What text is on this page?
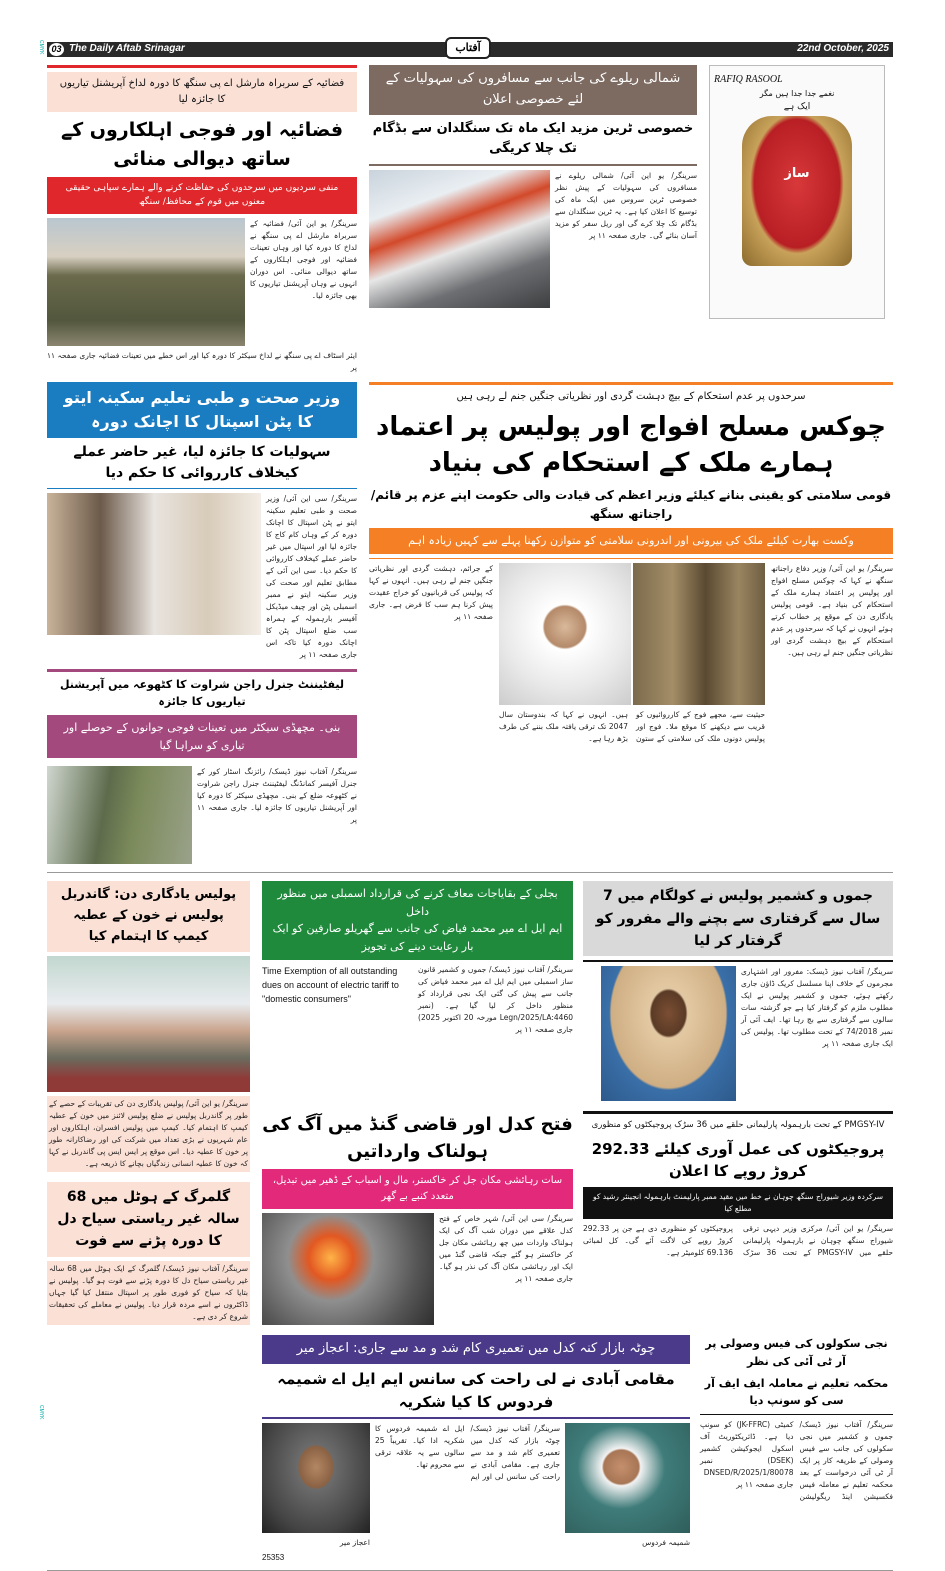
CMYK
CMYK
03 The Daily Aftab Srinagar	آفتاب	22nd October, 2025
فضائیہ کے سربراہ مارشل اے پی سنگھ کا دورہ لداخ آپریشنل تیاریوں کا جائزہ لیا
فضائیہ اور فوجی اہلکاروں کے ساتھ دیوالی منائی
منفی سردیوں میں سرحدوں کی حفاظت کرنے والے ہمارے سپاہی حقیقی معنوں میں قوم کے محافظ/ سنگھ
سرینگر/ یو این آئی/ فضائیہ کے سربراہ مارشل اے پی سنگھ نے لداخ کا دورہ کیا اور وہاں تعینات فضائیہ اور فوجی اہلکاروں کے ساتھ دیوالی منائی۔ اس دوران انہوں نے وہاں آپریشنل تیاریوں کا بھی جائزہ لیا۔
ایئر اسٹاف اے پی سنگھ نے لداخ سیکٹر کا دورہ کیا اور اس خطے میں تعینات فضائیہ جاری صفحہ ۱۱ پر
شمالی ریلوے کی جانب سے مسافروں کی سہولیات کے لئے خصوصی اعلان
خصوصی ٹرین مزید ایک ماہ تک سنگلدان سے بڈگام تک چلا کریگی
سرینگر/ یو این آئی/ شمالی ریلوے نے مسافروں کی سہولیات کے پیش نظر خصوصی ٹرین سروس میں ایک ماہ کی توسیع کا اعلان کیا ہے۔ یہ ٹرین سنگلدان سے بڈگام تک چلا کرے گی اور ریل سفر کو مزید آسان بنائے گی۔ جاری صفحہ ۱۱ پر
RAFIQ RASOOL
نغمے جدا جدا ہیں مگر
ایک ہے
ساز
وزیر صحت و طبی تعلیم سکینہ ایتو کا پٹن اسپتال کا اچانک دورہ
سہولیات کا جائزہ لیا، غیر حاضر عملے کیخلاف کارروائی کا حکم دیا
سرینگر/ سی این آئی/ وزیر صحت و طبی تعلیم سکینہ ایتو نے پٹن اسپتال کا اچانک دورہ کر کے وہاں کام کاج کا جائزہ لیا اور اسپتال میں غیر حاضر عملے کیخلاف کارروائی کا حکم دیا۔ سی این آئی کے مطابق تعلیم اور صحت کی وزیر سکینہ ایتو نے ممبر اسمبلی پٹن اور چیف میڈیکل آفیسر بارہمولہ کے ہمراہ سب ضلع اسپتال پٹن کا اچانک دورہ کیا تاکہ اس جاری صفحہ ۱۱ پر
لیفٹیننٹ جنرل راجن شراوت کا کٹھوعہ میں آپریشنل تیاریوں کا جائزہ
بنی۔ مچھڈی سیکٹر میں تعینات فوجی جوانوں کے حوصلے اور تیاری کو سراہا گیا
سرینگر/ آفتاب نیوز ڈیسک/ رائزنگ اسٹار کور کے جنرل آفیسر کمانڈنگ لیفٹیننٹ جنرل راجن شراوت نے کٹھوعہ ضلع کے بنی۔ مچھڈی سیکٹر کا دورہ کیا اور آپریشنل تیاریوں کا جائزہ لیا۔ جاری صفحہ ۱۱ پر
سرحدوں پر عدم استحکام کے بیچ دہشت گردی اور نظریاتی جنگیں جنم لے رہی ہیں
چوکس مسلح افواج اور پولیس پر اعتماد ہمارے ملک کے استحکام کی بنیاد
قومی سلامتی کو یقینی بنانے کیلئے وزیر اعظم کی قیادت والی حکومت اپنے عزم پر قائم/ راجناتھ سنگھ
وکست بھارت کیلئے ملک کی بیرونی اور اندرونی سلامتی کو متوازن رکھنا پہلے سے کہیں زیادہ اہم
کے جرائم، دہشت گردی اور نظریاتی جنگیں جنم لے رہی ہیں۔ انہوں نے کہا کہ پولیس کی قربانیوں کو خراج عقیدت پیش کرنا ہم سب کا فرض ہے۔ جاری صفحہ ۱۱ پر
حیثیت سے، مجھے فوج کے کارروائیوں کو قریب سے دیکھنے کا موقع ملا۔ فوج اور پولیس دونوں ملک کی سلامتی کے ستون ہیں۔ انہوں نے کہا کہ بندوستان سال 2047 تک ترقی یافتہ ملک بننے کی طرف بڑھ رہا ہے۔
سرینگر/ یو این آئی/ وزیر دفاع راجناتھ سنگھ نے کہا کہ چوکس مسلح افواج اور پولیس پر اعتماد ہمارے ملک کے استحکام کی بنیاد ہے۔ قومی پولیس یادگاری دن کے موقع پر خطاب کرتے ہوئے انہوں نے کہا کہ سرحدوں پر عدم استحکام کے بیچ دہشت گردی اور نظریاتی جنگیں جنم لے رہی ہیں۔
پولیس یادگاری دن: گاندربل پولیس نے خون کے عطیہ کیمپ کا اہتمام کیا
سرینگر/ یو این آئی/ پولیس یادگاری دن کی تقریبات کے حصے کے طور پر گاندربل پولیس نے ضلع پولیس لائنز میں خون کے عطیہ کیمپ کا اہتمام کیا۔ کیمپ میں پولیس افسران، اہلکاروں اور عام شہریوں نے بڑی تعداد میں شرکت کی اور رضاکارانہ طور پر خون کا عطیہ دیا۔ اس موقع پر ایس ایس پی گاندربل نے کہا کہ خون کا عطیہ انسانی زندگیاں بچانے کا ذریعہ ہے۔
گلمرگ کے ہوٹل میں 68 سالہ غیر ریاستی سیاح دل کا دورہ پڑنے سے فوت
سرینگر/ آفتاب نیوز ڈیسک/ گلمرگ کے ایک ہوٹل میں 68 سالہ غیر ریاستی سیاح دل کا دورہ پڑنے سے فوت ہو گیا۔ پولیس نے بتایا کہ سیاح کو فوری طور پر اسپتال منتقل کیا گیا جہاں ڈاکٹروں نے اسے مردہ قرار دیا۔ پولیس نے معاملے کی تحقیقات شروع کر دی ہے۔
بجلی کے بقایاجات معاف کرنے کی قرارداد اسمبلی میں منظور داخل
ایم ایل اے میر محمد فیاض کی جانب سے گھریلو صارفین کو ایک بار رعایت دینے کی تجویز
Time Exemption of all outstanding dues on account of electric tariff to "domestic consumers"
سرینگر/ آفتاب نیوز ڈیسک/ جموں و کشمیر قانون ساز اسمبلی میں ایم ایل اے میر محمد فیاض کی جانب سے پیش کی گئی ایک نجی قرارداد کو منظور داخل کر لیا گیا ہے۔ (نمبر Legn/2025/LA:4460 مورخہ 20 اکتوبر 2025) جاری صفحہ ۱۱ پر
جموں و کشمیر پولیس نے کولگام میں 7 سال سے گرفتاری سے بچنے والے مفرور کو گرفتار کر لیا
سرینگر/ آفتاب نیوز ڈیسک: مفرور اور اشتہاری مجرموں کے خلاف اپنا مسلسل کریک ڈاؤن جاری رکھتے ہوئے، جموں و کشمیر پولیس نے ایک مطلوب ملزم کو گرفتار کیا ہے جو گزشتہ سات سالوں سے گرفتاری سے بچ رہا تھا۔ ایف آئی آر نمبر 74/2018 کے تحت مطلوب تھا۔ پولیس کی ایک جاری صفحہ ۱۱ پر
فتح کدل اور قاضی گنڈ میں آگ کی ہولناک وارداتیں
سات رہائشی مکان جل کر خاکستر، مال و اسباب کے ڈھیر میں تبدیل، متعدد کنبے بے گھر
سرینگر/ سی این آئی/ شہر خاص کے فتح کدل علاقے میں دوران شب آگ کی ایک ہولناک واردات میں چھ رہائشی مکان جل کر خاکستر ہو گئے جبکہ قاضی گنڈ میں ایک اور رہائشی مکان آگ کی نذر ہو گیا۔ جاری صفحہ ۱۱ پر
PMGSY-IV کے تحت بارہمولہ پارلیمانی حلقے میں 36 سڑک پروجیکٹوں کو منظوری
پروجیکٹوں کی عمل آوری کیلئے 292.33 کروڑ روپے کا اعلان
سرکردہ وزیر شیوراج سنگھ چوہان نے خط میں مقید ممبر پارلیمنٹ بارہمولہ انجینئر رشید کو مطلع کیا
سرینگر/ یو این آئی/ مرکزی وزیر دیہی ترقی شیوراج سنگھ چوہان نے بارہمولہ پارلیمانی حلقے میں PMGSY-IV کے تحت 36 سڑک پروجیکٹوں کو منظوری دی ہے جن پر 292.33 کروڑ روپے کی لاگت آئے گی۔ کل لمبائی 69.136 کلومیٹر ہے۔
چوٹہ بازار کنہ کدل میں تعمیری کام شد و مد سے جاری: اعجاز میر
مقامی آبادی نے لی راحت کی سانس ایم ایل اے شمیمہ فردوس کا کیا شکریہ
اعجاز میر
25353
سرینگر/ آفتاب نیوز ڈیسک/ چوٹہ بازار کنہ کدل میں تعمیری کام شد و مد سے جاری ہے۔ مقامی آبادی نے راحت کی سانس لی اور ایم ایل اے شمیمہ فردوس کا شکریہ ادا کیا۔ تقریباً 25 سالوں سے یہ علاقہ ترقی سے محروم تھا۔
شمیمہ فردوس
نجی سکولوں کی فیس وصولی پر آر ٹی آئی کی نظر
محکمہ تعلیم نے معاملہ ایف ایف آر سی کو سونپ دیا
سرینگر/ آفتاب نیوز ڈیسک/ جموں و کشمیر میں نجی سکولوں کی جانب سے فیس وصولی کے طریقہ کار پر ایک آر ٹی آئی درخواست کے بعد محکمہ تعلیم نے معاملہ فیس فکسیشن اینڈ ریگولیشن کمیٹی (JK-FFRC) کو سونپ دیا ہے۔ ڈائریکٹوریٹ آف اسکول ایجوکیشن کشمیر (DSEK) نمبر 1/80078/DNSED/R/2025 جاری صفحہ ۱۱ پر
